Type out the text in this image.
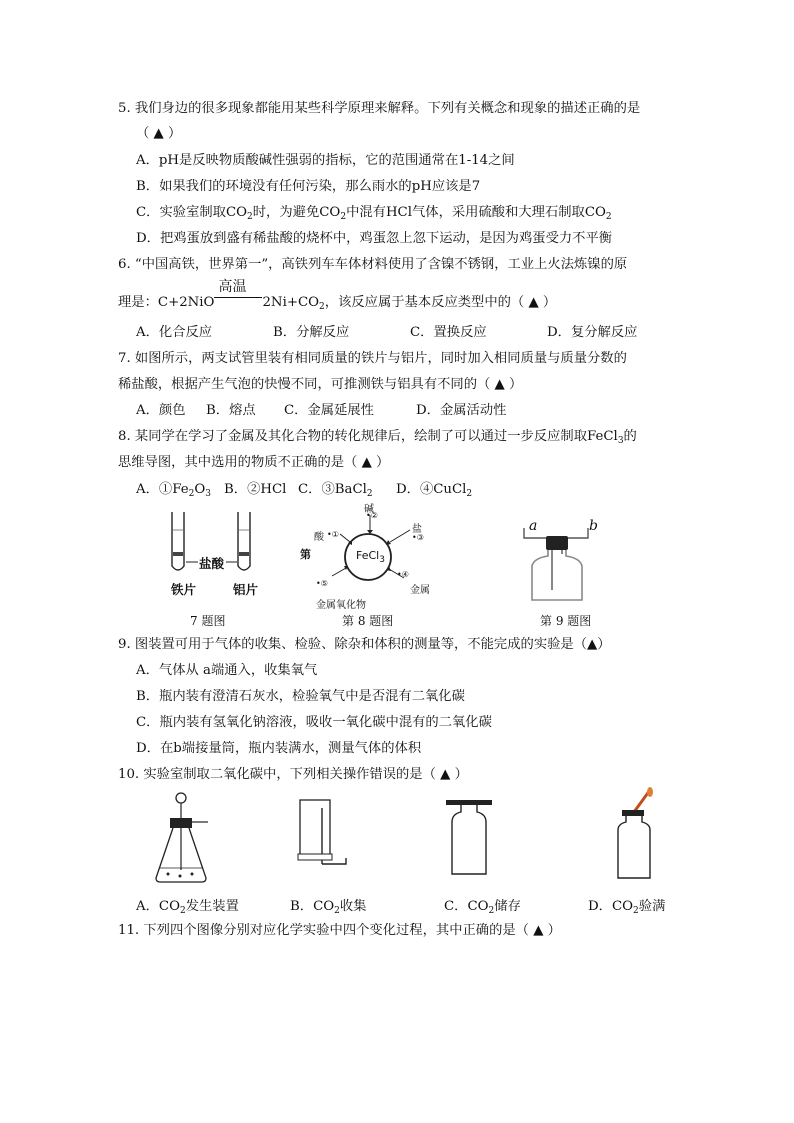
5. 我们身边的很多现象都能用某些科学原理来解释。下列有关概念和现象的描述正确的是
（ ▲ ）
A．pH是反映物质酸碱性强弱的指标，它的范围通常在1-14之间
B．如果我们的环境没有任何污染，那么雨水的pH应该是7
C．实验室制取$CO_2$时，为避免$CO_2$中混有HCl气体，采用硫酸和大理石制取$CO_2$
D．把鸡蛋放到盛有稀盐酸的烧杯中，鸡蛋忽上忽下运动，是因为鸡蛋受力不平衡
6. “中国高铁，世界第一”，高铁列车车体材料使用了含镍不锈钢，工业上火法炼镍的原
理是：C+2NiO
高温
$2Ni+CO_2$，该反应属于基本反应类型中的（ ▲ ）
A．化合反应	B．分解反应	C．置换反应	D．复分解反应
7. 如图所示，两支试管里装有相同质量的铁片与铝片，同时加入相同质量与质量分数的
稀盐酸，根据产生气泡的快慢不同，可推测铁与铝具有不同的（ ▲ ）
A．颜色 B．熔点 C．金属延展性	D．金属活动性
8. 某同学在学习了金属及其化合物的转化规律后，绘制了可以通过一步反应制取FeCl$_3$的
思维导图，其中选用的物质不正确的是（ ▲ ）
A．$①Fe_2O_3$ B．②HCl C．③BaCl$_2$ D．④CuCl$_2$
盐酸
铁片	铝片
7 题图
FeCl$_3$
碱
•②
酸 •①	盐
•③
第
•⑤
•④
金属
金属氧化物
第 8 题图
a	b
第 9 题图
9. 图装置可用于气体的收集、检验、除杂和体积的测量等，不能完成的实验是（▲）
A．气体从 a端通入，收集氧气
B．瓶内装有澄清石灰水，检验氧气中是否混有二氧化碳
C．瓶内装有氢氧化钠溶液，吸收一氧化碳中混有的二氧化碳
D．在b端接量筒，瓶内装满水，测量气体的体积
10. 实验室制取二氧化碳中，下列相关操作错误的是（ ▲ ）
A．$CO_2$发生装置	B．$CO_2$收集	C．$CO_2$储存	D．$CO_2$验满
11. 下列四个图像分别对应化学实验中四个变化过程，其中正确的是（ ▲ ）
